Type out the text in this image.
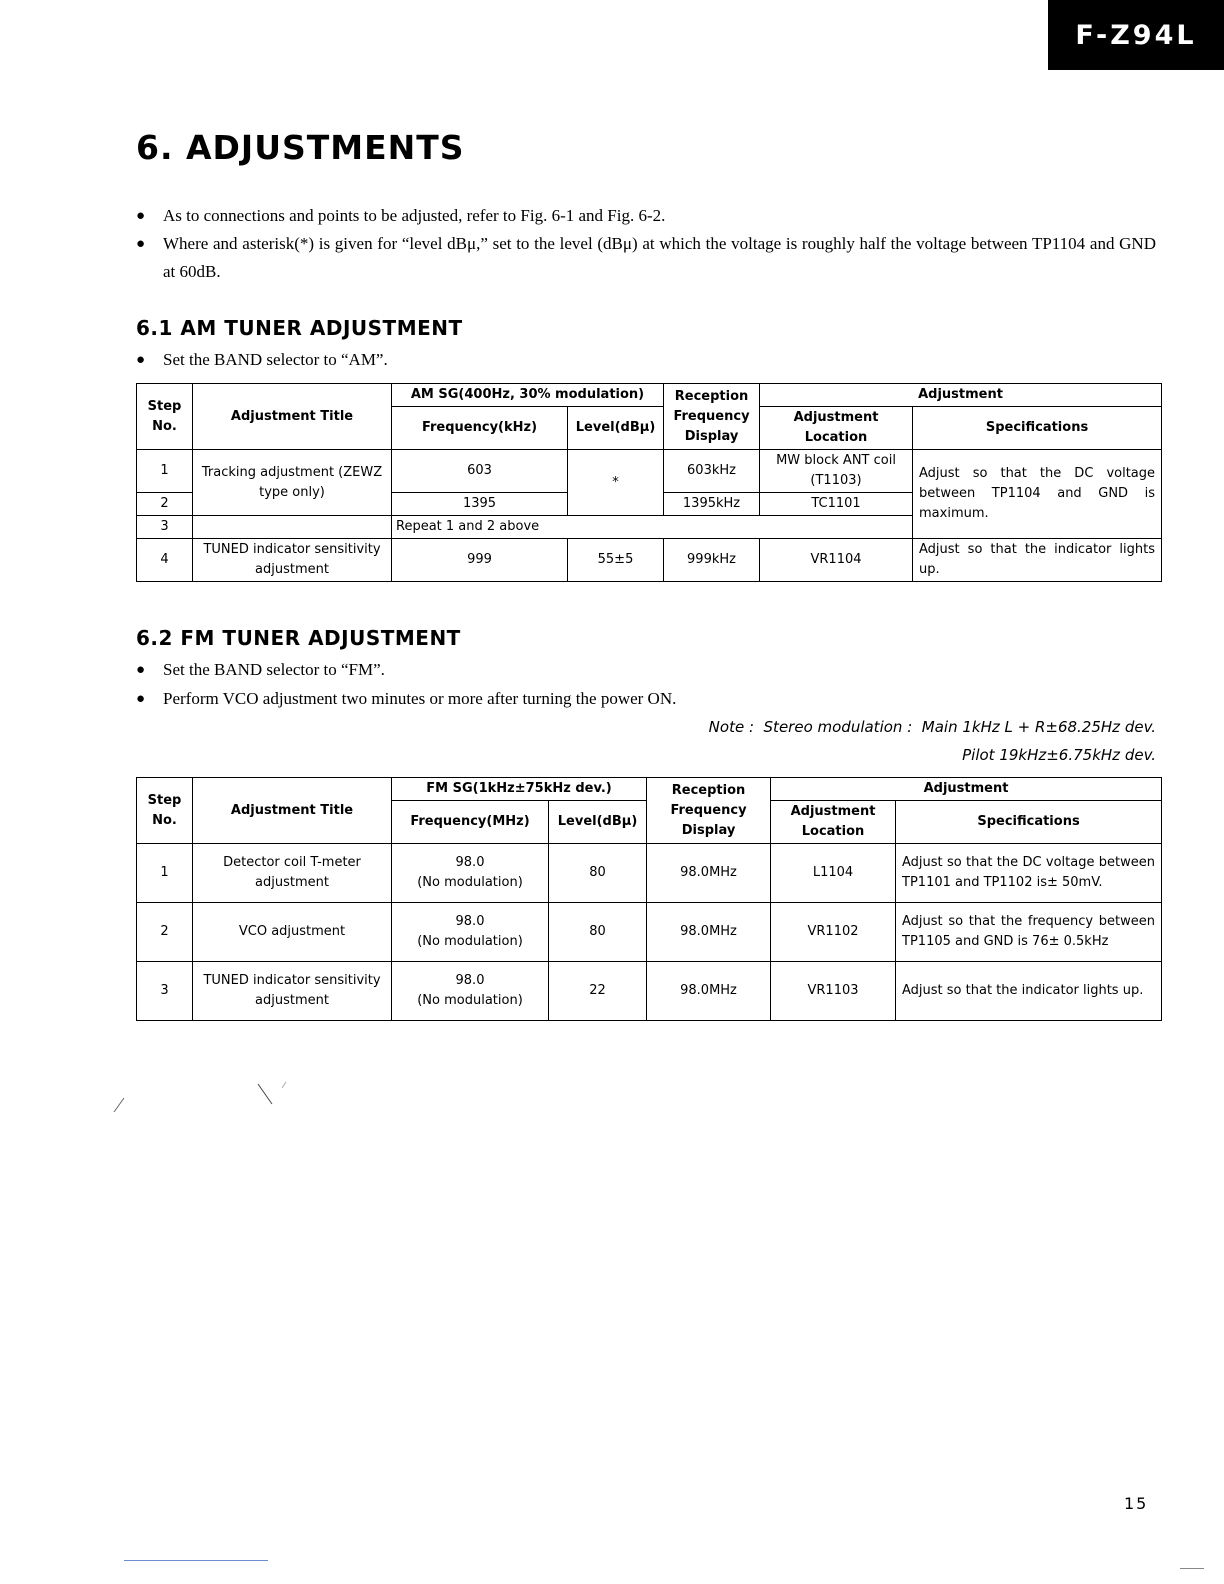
F-Z94L
6. ADJUSTMENTS
● As to connections and points to be adjusted, refer to Fig. 6-1 and Fig. 6-2.
● Where and asterisk(*) is given for “level dBμ,” set to the level (dBμ) at which the voltage is roughly half the voltage between TP1104 and GND at 60dB.
6.1 AM TUNER ADJUSTMENT
● Set the BAND selector to “AM”.
Step No.	Adjustment Title	AM SG(400Hz, 30% modulation)		Reception Frequency Display	Adjustment	
		Frequency(kHz)	Level(dBμ)		Adjustment Location	Specifications
1	Tracking adjustment (ZEWZ type only)	603	*	603kHz	MW block ANT coil (T1103)	Adjust so that the DC voltage between TP1104 and GND is maximum.
2		1395		1395kHz	TC1101	
3		Repeat 1 and 2 above				
4	TUNED indicator sensitivity adjustment	999	55±5	999kHz	VR1104	Adjust so that the indicator lights up.
6.2 FM TUNER ADJUSTMENT
● Set the BAND selector to “FM”.
● Perform VCO adjustment two minutes or more after turning the power ON.
Note :  Stereo modulation :  Main 1kHz L + R±68.25Hz dev.
Pilot 19kHz±6.75kHz dev.
Step No.	Adjustment Title	FM SG(1kHz±75kHz dev.)		Reception Frequency Display	Adjustment	
		Frequency(MHz)	Level(dBμ)		Adjustment Location	Specifications
1	Detector coil T-meter adjustment	98.0
(No modulation)	80	98.0MHz	L1104	Adjust so that the DC voltage between TP1101 and TP1102 is± 50mV.
2	VCO adjustment	98.0
(No modulation)	80	98.0MHz	VR1102	Adjust so that the frequency between TP1105 and GND is 76± 0.5kHz
3	TUNED indicator sensitivity adjustment	98.0
(No modulation)	22	98.0MHz	VR1103	Adjust so that the indicator lights up.
15
